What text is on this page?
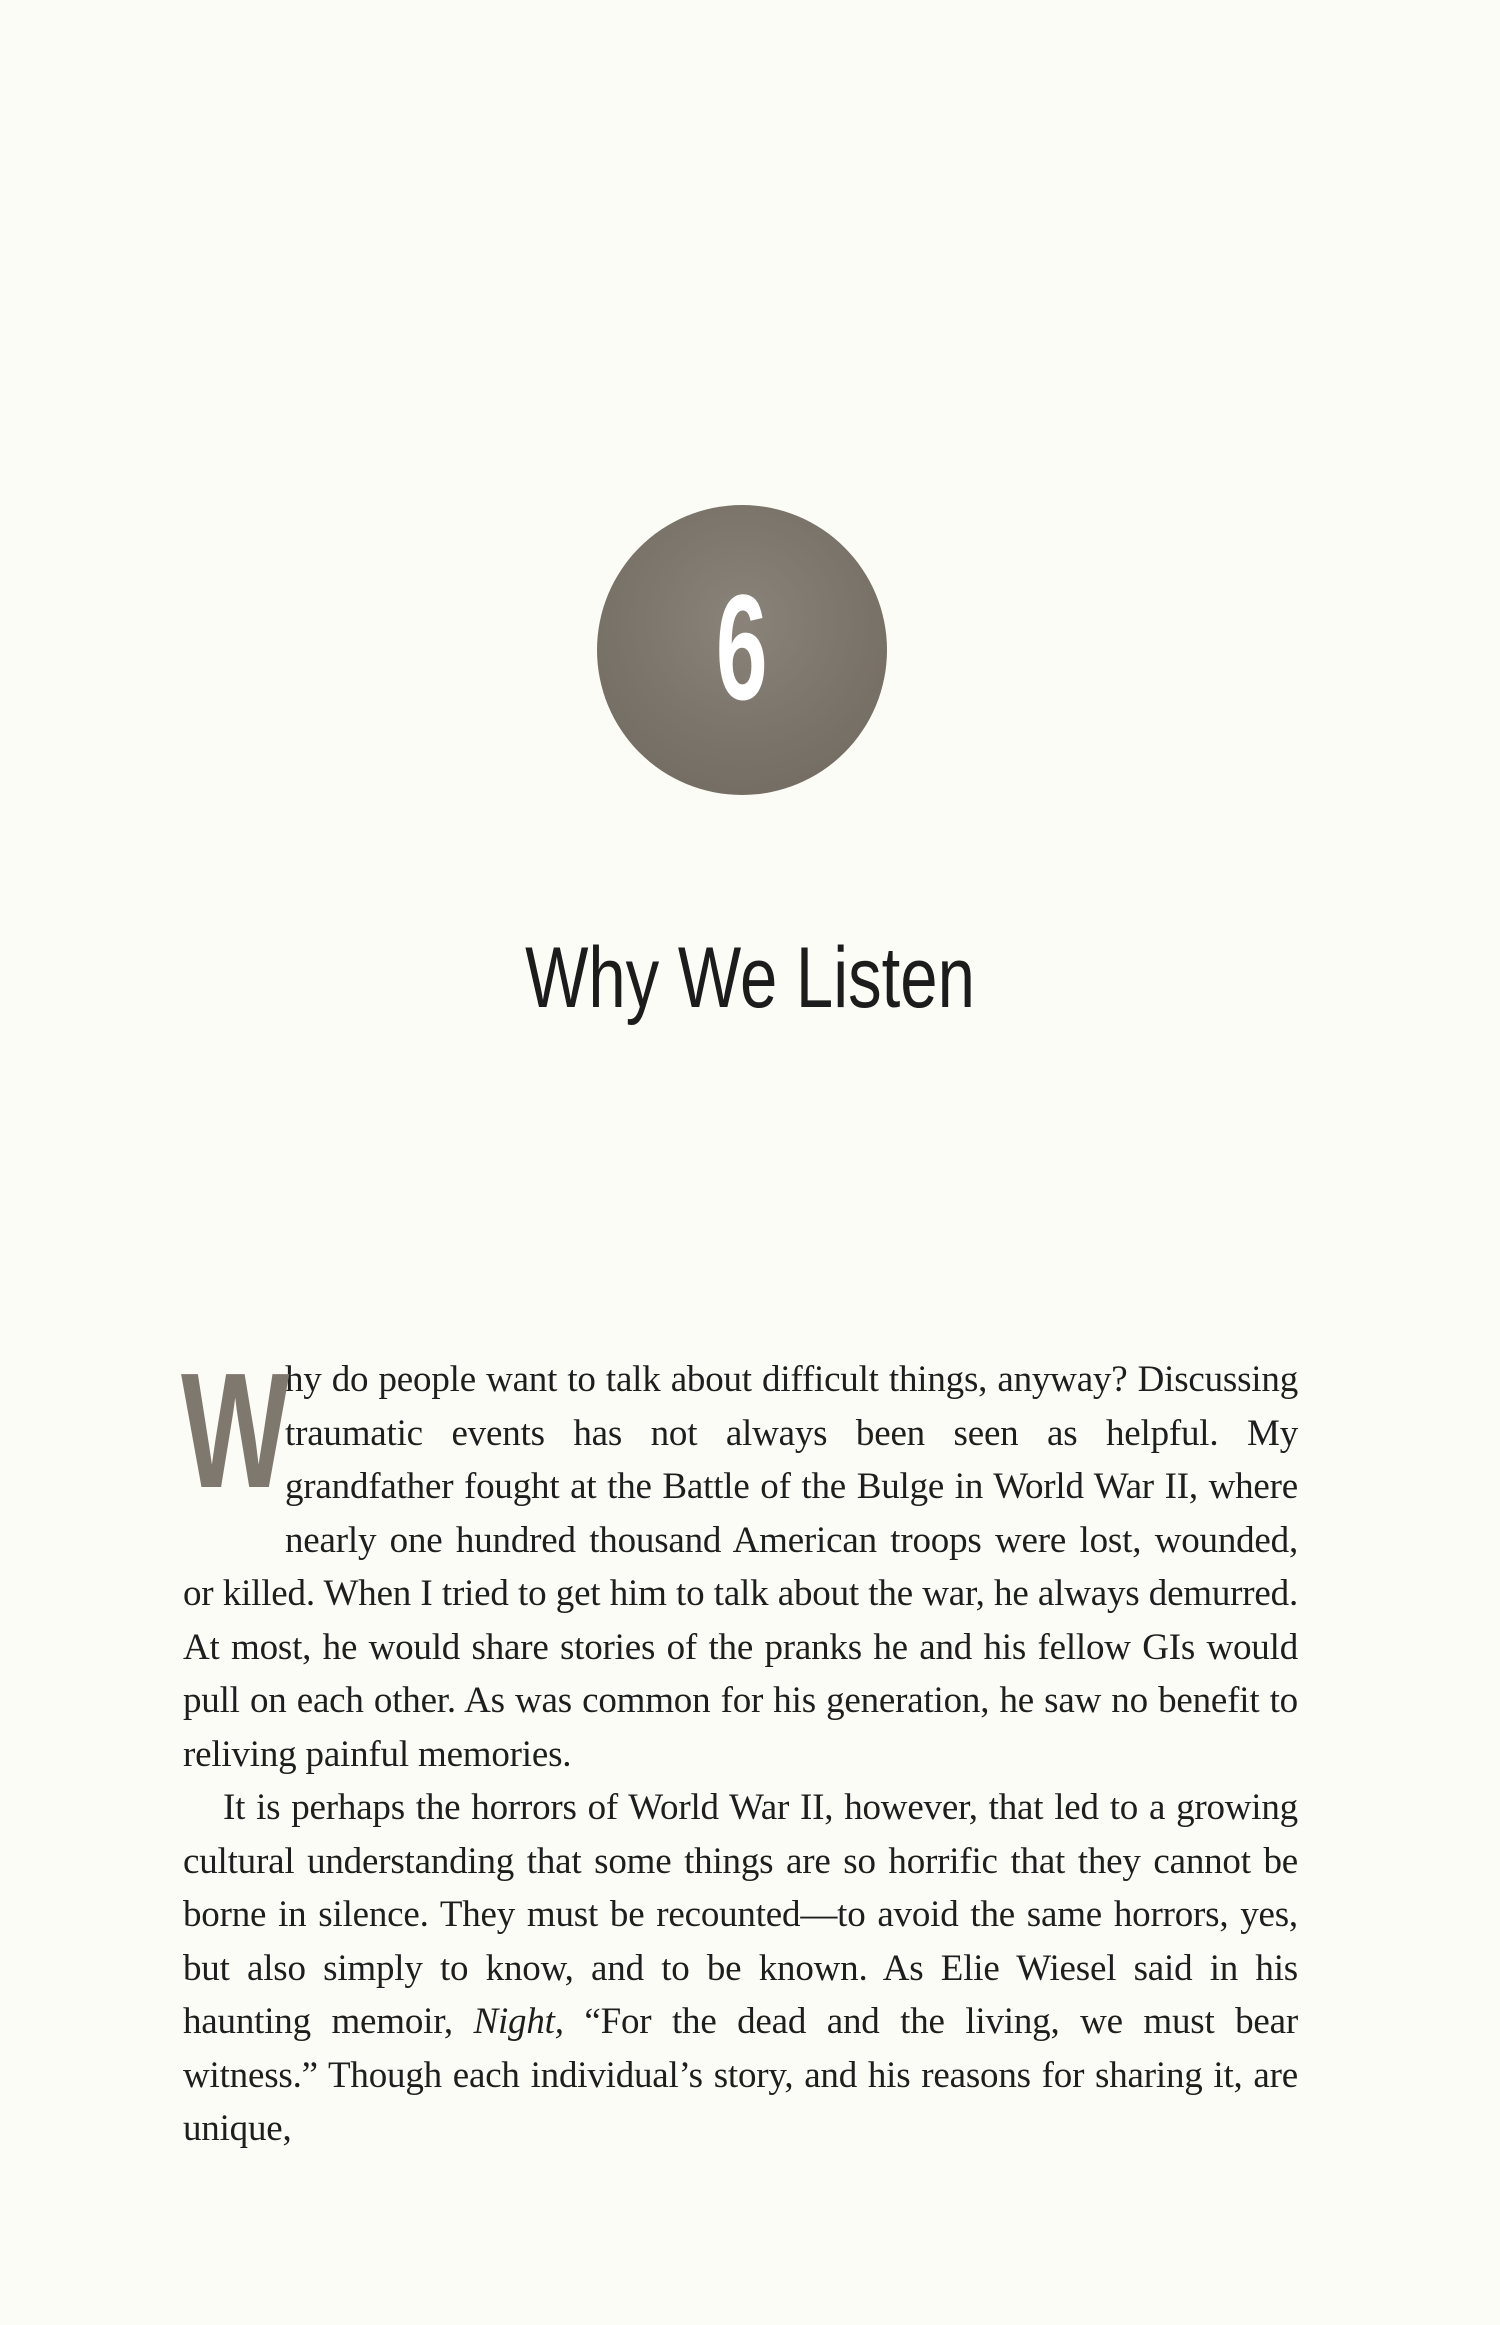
6
Why We Listen

W
hy do people want to talk about difficult things, anyway? Discussing traumatic events has not always been seen as helpful. My grandfather fought at the Battle of the Bulge in World War II, where nearly one hundred thousand American troops were lost, wounded, or killed. When I tried to get him to talk about the war, he always demurred. At most, he would share stories of the pranks he and his fellow GIs would pull on each other. As was common for his generation, he saw no benefit to reliving painful memories.

It is perhaps the horrors of World War II, however, that led to a growing cultural understanding that some things are so horrific that they cannot be borne in silence. They must be recounted—to avoid the same horrors, yes, but also simply to know, and to be known. As Elie Wiesel said in his haunting memoir, Night, “For the dead and the living, we must bear witness.” Though each individual’s story, and his reasons for sharing it, are unique,
